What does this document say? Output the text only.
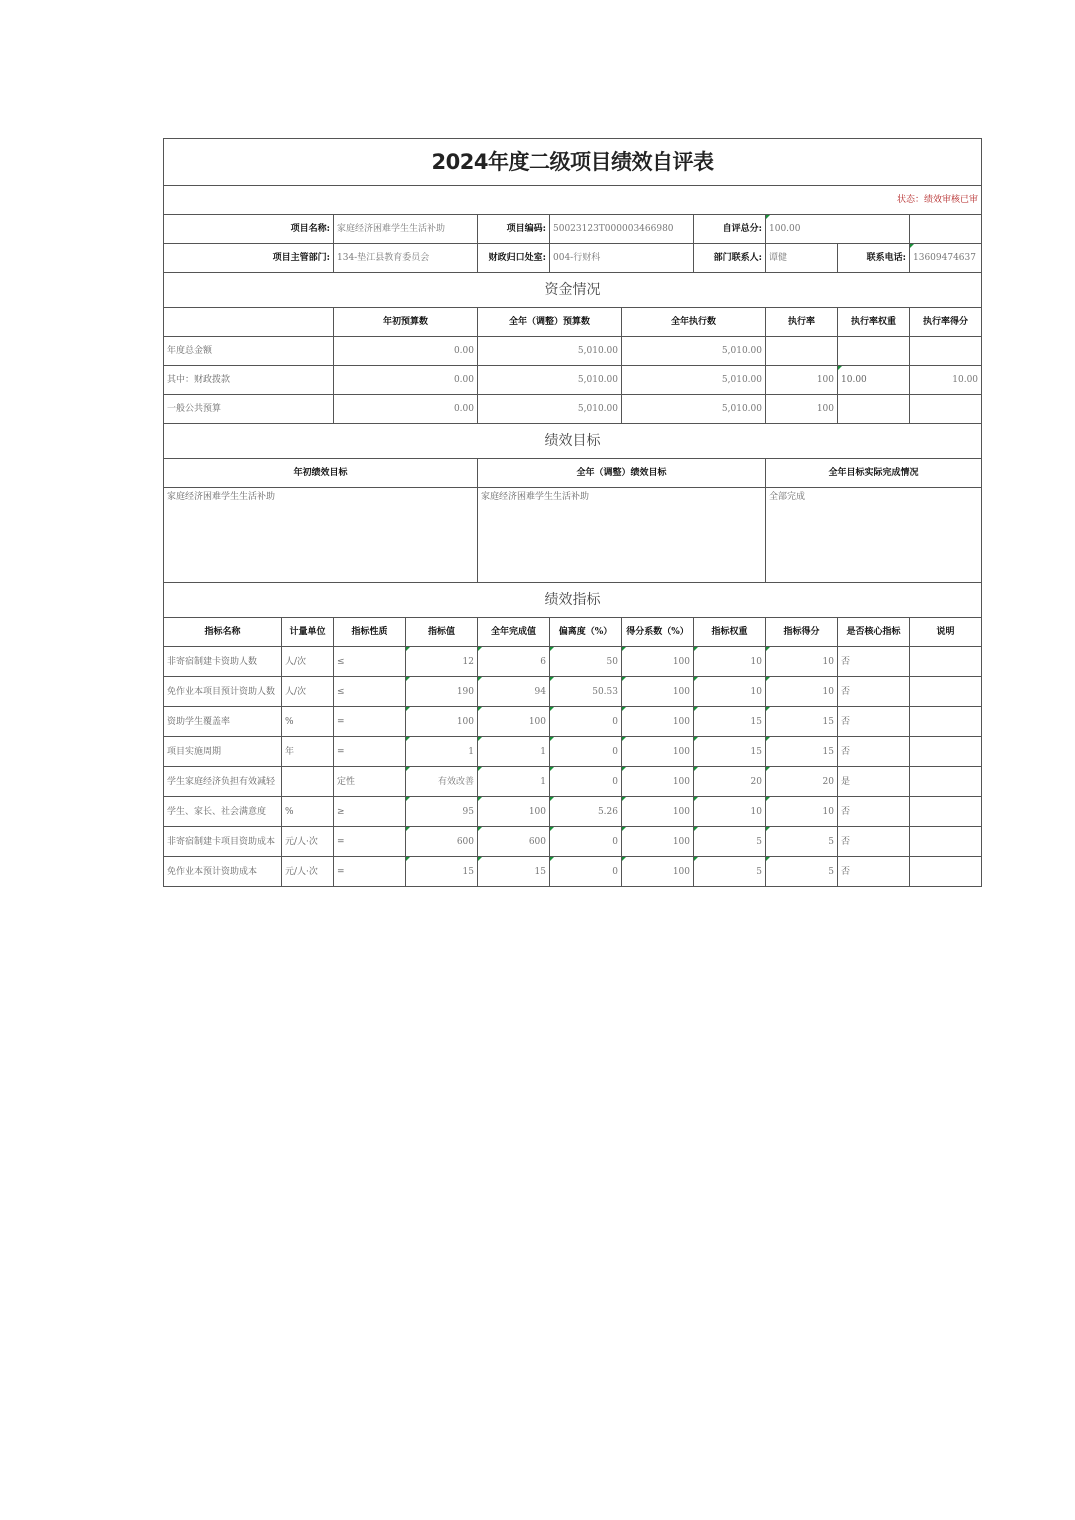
2024年度二级项目绩效自评表										
状态：绩效审核已审										
项目名称:		家庭经济困难学生生活补助		项目编码:	50023123T000003466980		自评总分:	100.00		
项目主管部门:		134-垫江县教育委员会		财政归口处室:	004-行财科		部门联系人:	谭健	联系电话:	13609474637
资金情况										
		年初预算数		全年（调整）预算数		全年执行数		执行率	执行率权重	执行率得分
年度总金额		0.00		5,010.00		5,010.00				
其中：财政拨款		0.00		5,010.00		5,010.00		100	10.00	10.00
一般公共预算		0.00		5,010.00		5,010.00		100		
绩效目标										
年初绩效目标				全年（调整）绩效目标				全年目标实际完成情况		
家庭经济困难学生生活补助				家庭经济困难学生生活补助				全部完成		
绩效指标										
指标名称	计量单位	指标性质	指标值	全年完成值	偏离度（%）	得分系数（%）	指标权重	指标得分	是否核心指标	说明
非寄宿制建卡资助人数	人/次	≤	12	6	50	100	10	10	否	
免作业本项目预计资助人数	人/次	≤	190	94	50.53	100	10	10	否	
资助学生覆盖率	%	=	100	100	0	100	15	15	否	
项目实施周期	年	=	1	1	0	100	15	15	否	
学生家庭经济负担有效减轻		定性	有效改善	1	0	100	20	20	是	
学生、家长、社会满意度	%	≥	95	100	5.26	100	10	10	否	
非寄宿制建卡项目资助成本	元/人·次	=	600	600	0	100	5	5	否	
免作业本预计资助成本	元/人·次	=	15	15	0	100	5	5	否	
